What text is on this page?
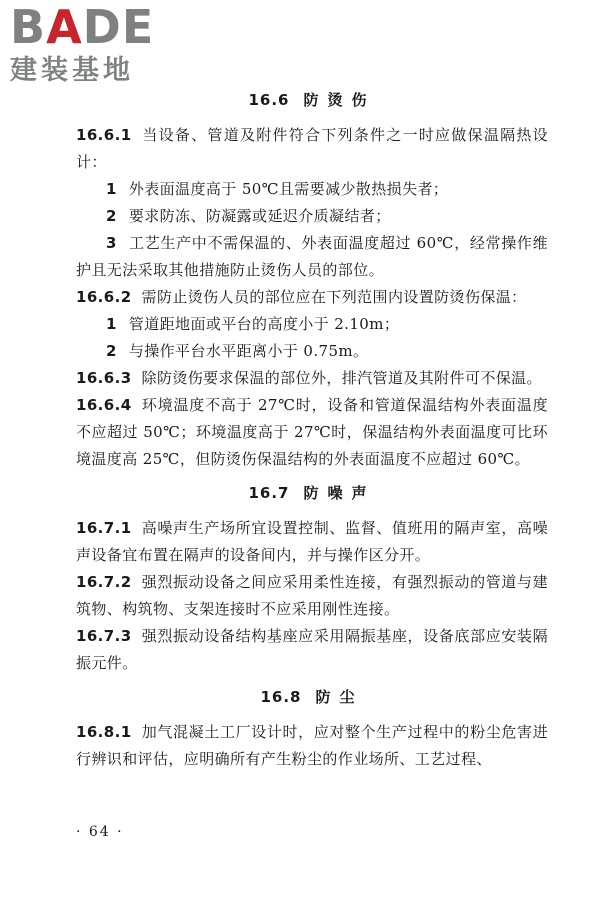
BADE
建装基地
16.6 防烫伤

16.6.1 当设备、管道及附件符合下列条件之一时应做保温隔热设计：

1 外表面温度高于 50℃且需要减少散热损失者；

2 要求防冻、防凝露或延迟介质凝结者；

3 工艺生产中不需保温的、外表面温度超过 60℃，经常操作维护且无法采取其他措施防止烫伤人员的部位。

16.6.2 需防止烫伤人员的部位应在下列范围内设置防烫伤保温：

1 管道距地面或平台的高度小于 2.10m；

2 与操作平台水平距离小于 0.75m。

16.6.3 除防烫伤要求保温的部位外，排汽管道及其附件可不保温。

16.6.4 环境温度不高于 27℃时，设备和管道保温结构外表面温度不应超过 50℃；环境温度高于 27℃时，保温结构外表面温度可比环境温度高 25℃，但防烫伤保温结构的外表面温度不应超过 60℃。

16.7 防噪声

16.7.1 高噪声生产场所宜设置控制、监督、值班用的隔声室，高噪声设备宜布置在隔声的设备间内，并与操作区分开。

16.7.2 强烈振动设备之间应采用柔性连接，有强烈振动的管道与建筑物、构筑物、支架连接时不应采用刚性连接。

16.7.3 强烈振动设备结构基座应采用隔振基座，设备底部应安装隔振元件。

16.8 防尘

16.8.1 加气混凝土工厂设计时，应对整个生产过程中的粉尘危害进行辨识和评估，应明确所有产生粉尘的作业场所、工艺过程、

· 64 ·
